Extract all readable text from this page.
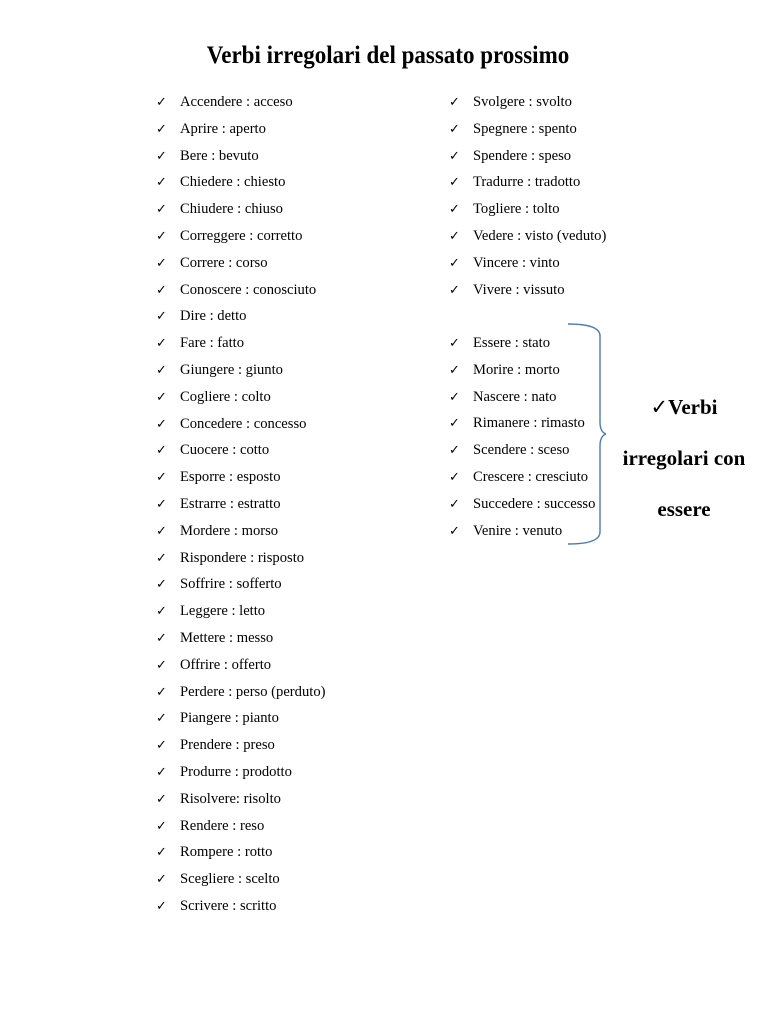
Verbi irregolari del passato prossimo
✓ Accendere : acceso
✓ Aprire : aperto
✓ Bere : bevuto
✓ Chiedere : chiesto
✓ Chiudere : chiuso
✓ Correggere : corretto
✓ Correre : corso
✓ Conoscere : conosciuto
✓ Dire : detto
✓ Fare : fatto
✓ Giungere : giunto
✓ Cogliere : colto
✓ Concedere : concesso
✓ Cuocere : cotto
✓ Esporre : esposto
✓ Estrarre : estratto
✓ Mordere : morso
✓ Rispondere : risposto
✓ Soffrire : sofferto
✓ Leggere : letto
✓ Mettere : messo
✓ Offrire : offerto
✓ Perdere : perso (perduto)
✓ Piangere : pianto
✓ Prendere : preso
✓ Produrre : prodotto
✓ Risolvere: risolto
✓ Rendere : reso
✓ Rompere : rotto
✓ Scegliere : scelto
✓ Scrivere : scritto
✓ Svolgere : svolto
✓ Spegnere : spento
✓ Spendere : speso
✓ Tradurre : tradotto
✓ Togliere : tolto
✓ Vedere : visto (veduto)
✓ Vincere : vinto
✓ Vivere : vissuto
✓ Essere : stato
✓ Morire : morto
✓ Nascere : nato
✓ Rimanere : rimasto
✓ Scendere : sceso
✓ Crescere : cresciuto
✓ Succedere : successo
✓ Venire : venuto
✓Verbi
irregolari con
essere
